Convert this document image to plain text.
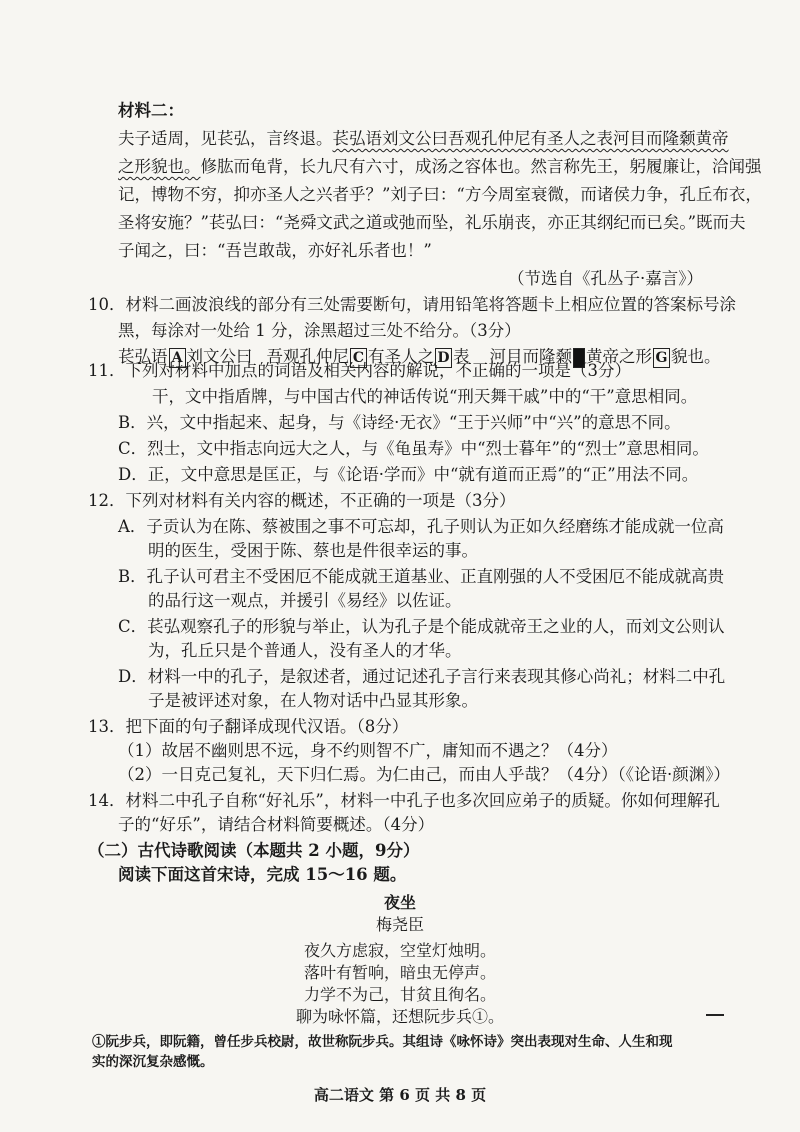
材料二：
夫子适周，见苌弘，言终退。苌弘语刘文公曰吾观孔仲尼有圣人之表河目而隆颡黄帝
之形貌也。修肱而龟背，长九尺有六寸，成汤之容体也。然言称先王，躬履廉让，洽闻强
记，博物不穷，抑亦圣人之兴者乎？”刘子曰：“方今周室衰微，而诸侯力争，孔丘布衣，
圣将安施？”苌弘曰：“尧舜文武之道或弛而坠，礼乐崩丧，亦正其纲纪而已矣。”既而夫
子闻之，曰：“吾岂敢哉，亦好礼乐者也！”
（节选自《孔丛子·嘉言》）
10．材料二画波浪线的部分有三处需要断句，请用铅笔将答题卡上相应位置的答案标号涂
黑，每涂对一处给 1 分，涂黑超过三处不给分。（3分）
苌弘语 A 刘文公曰 吾观孔仲尼 C 有圣人之 D 表 河目而隆颡 黄帝之形 G 貌也。
11．下列对材料中加点的词语及相关内容的解说，不正确的一项是（3分）
干，文中指盾牌，与中国古代的神话传说“刑天舞干戚”中的“干”意思相同。
B．兴，文中指起来、起身，与《诗经·无衣》“王于兴师”中“兴”的意思不同。
C．烈士，文中指志向远大之人，与《龟虽寿》中“烈士暮年”的“烈士”意思相同。
D．正，文中意思是匡正，与《论语·学而》中“就有道而正焉”的“正”用法不同。
12．下列对材料有关内容的概述，不正确的一项是（3分）
A．子贡认为在陈、蔡被围之事不可忘却，孔子则认为正如久经磨练才能成就一位高
明的医生，受困于陈、蔡也是件很幸运的事。
B．孔子认可君主不受困厄不能成就王道基业、正直刚强的人不受困厄不能成就高贵
的品行这一观点，并援引《易经》以佐证。
C．苌弘观察孔子的形貌与举止，认为孔子是个能成就帝王之业的人，而刘文公则认
为，孔丘只是个普通人，没有圣人的才华。
D．材料一中的孔子，是叙述者，通过记述孔子言行来表现其修心尚礼；材料二中孔
子是被评述对象，在人物对话中凸显其形象。
13．把下面的句子翻译成现代汉语。（8分）
（1）故居不幽则思不远，身不约则智不广，庸知而不遇之？（4分）
（2）一日克己复礼，天下归仁焉。为仁由己，而由人乎哉？（4分）（《论语·颜渊》）
14．材料二中孔子自称“好礼乐”，材料一中孔子也多次回应弟子的质疑。你如何理解孔
子的“好乐”，请结合材料简要概述。（4分）
（二）古代诗歌阅读（本题共 2 小题，9分）
阅读下面这首宋诗，完成 15～16 题。
夜坐
梅尧臣
夜久方虑寂，空堂灯烛明。
落叶有暂响，暗虫无停声。
力学不为己，甘贫且徇名。
聊为咏怀篇，还想阮步兵①。
高二语文 第 6 页 共 8 页
①阮步兵，即阮籍，曾任步兵校尉，故世称阮步兵。其组诗《咏怀诗》突出表现对生命、人生和现
实的深沉复杂感慨。
